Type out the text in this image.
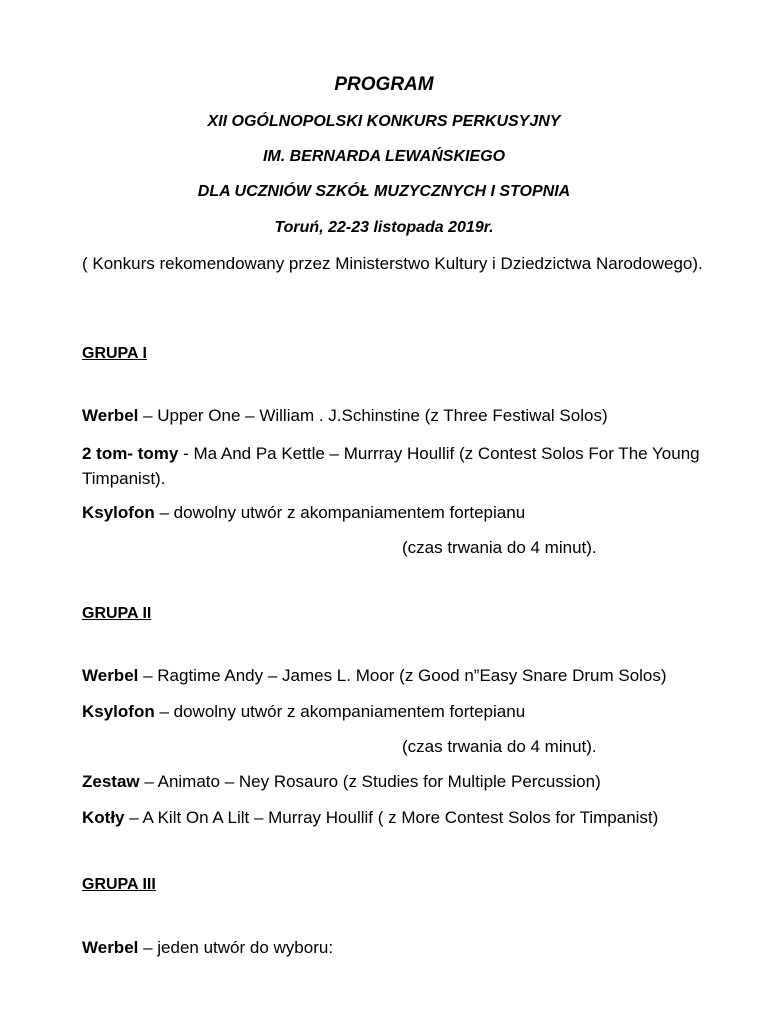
PROGRAM
XII OGÓLNOPOLSKI KONKURS PERKUSYJNY
IM. BERNARDA LEWAŃSKIEGO
DLA UCZNIÓW SZKÓŁ MUZYCZNYCH I STOPNIA
Toruń, 22-23 listopada 2019r.
( Konkurs rekomendowany przez Ministerstwo Kultury i Dziedzictwa Narodowego).
GRUPA I
Werbel – Upper One – William . J.Schinstine (z Three Festiwal Solos)
2 tom- tomy - Ma And Pa Kettle – Murrray Houllif (z Contest Solos For The Young Timpanist).
Ksylofon – dowolny utwór z akompaniamentem fortepianu
(czas trwania do 4 minut).
GRUPA II
Werbel – Ragtime Andy – James L. Moor (z Good n”Easy Snare Drum Solos)
Ksylofon – dowolny utwór z akompaniamentem fortepianu
(czas trwania do 4 minut).
Zestaw – Animato – Ney Rosauro (z Studies for Multiple Percussion)
Kotły – A Kilt On A Lilt – Murray Houllif ( z More Contest Solos for Timpanist)
GRUPA III
Werbel – jeden utwór do wyboru:
